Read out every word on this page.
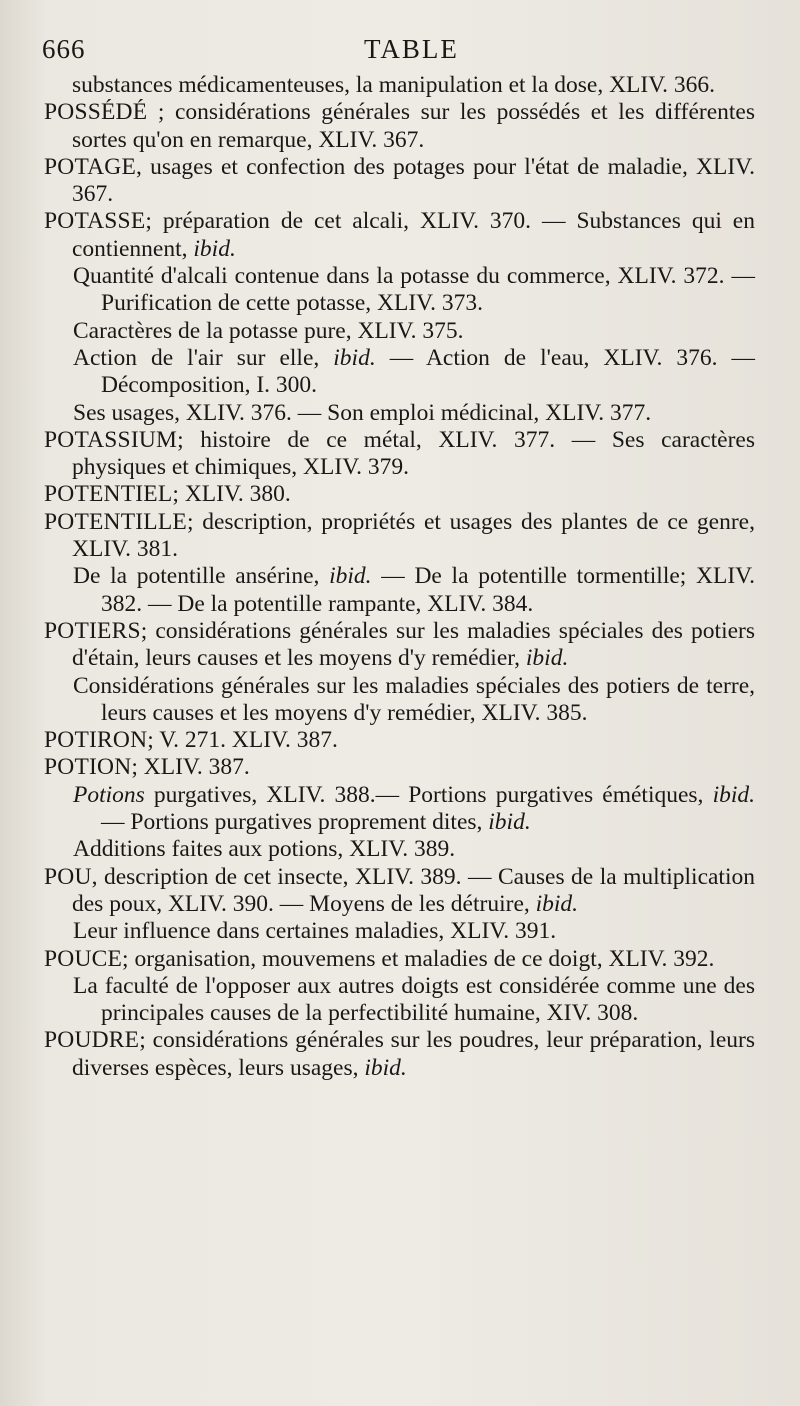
666	TABLE

substances médicamenteuses, la manipulation et la dose, XLIV. 366.

POSSÉDÉ ; considérations générales sur les possédés et les différentes sortes qu'on en remarque, XLIV. 367.

POTAGE, usages et confection des potages pour l'état de maladie, XLIV. 367.

POTASSE; préparation de cet alcali, XLIV. 370. — Substances qui en contiennent, ibid.

Quantité d'alcali contenue dans la potasse du commerce, XLIV. 372. — Purification de cette potasse, XLIV. 373.

Caractères de la potasse pure, XLIV. 375.

Action de l'air sur elle, ibid. — Action de l'eau, XLIV. 376. — Décomposition, I. 300.

Ses usages, XLIV. 376. — Son emploi médicinal, XLIV. 377.

POTASSIUM; histoire de ce métal, XLIV. 377. — Ses caractères physiques et chimiques, XLIV. 379.

POTENTIEL; XLIV. 380.

POTENTILLE; description, propriétés et usages des plantes de ce genre, XLIV. 381.

De la potentille ansérine, ibid. — De la potentille tormentille; XLIV. 382. — De la potentille rampante, XLIV. 384.

POTIERS; considérations générales sur les maladies spéciales des potiers d'étain, leurs causes et les moyens d'y remédier, ibid.

Considérations générales sur les maladies spéciales des potiers de terre, leurs causes et les moyens d'y remédier, XLIV. 385.

POTIRON; V. 271. XLIV. 387.

POTION; XLIV. 387.

Potions purgatives, XLIV. 388.— Portions purgatives émétiques, ibid.— Portions purgatives proprement dites, ibid.

Additions faites aux potions, XLIV. 389.

POU, description de cet insecte, XLIV. 389. — Causes de la multiplication des poux, XLIV. 390. — Moyens de les détruire, ibid.

Leur influence dans certaines maladies, XLIV. 391.

POUCE; organisation, mouvemens et maladies de ce doigt, XLIV. 392.

La faculté de l'opposer aux autres doigts est considérée comme une des principales causes de la perfectibilité humaine, XIV. 308.

POUDRE; considérations générales sur les poudres, leur préparation, leurs diverses espèces, leurs usages, ibid.
